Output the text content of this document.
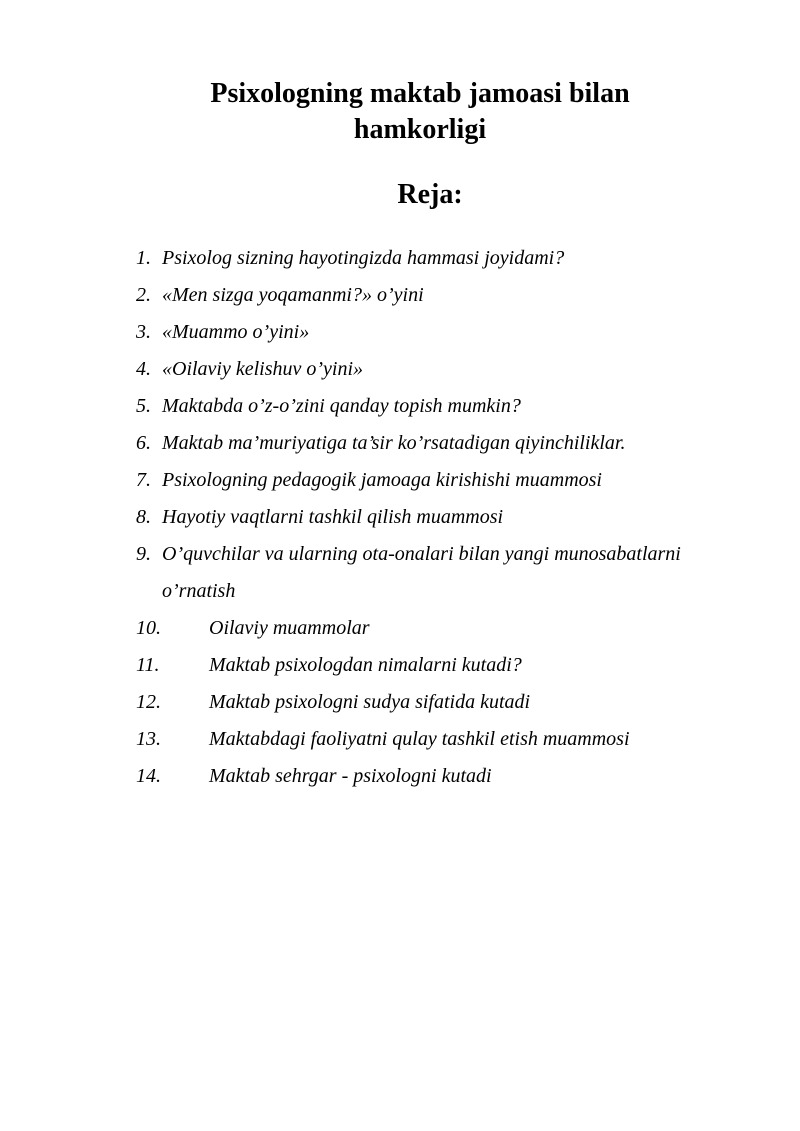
Psixologning maktab jamoasi bilan
hamkorligi
Reja:
1. Psixolog sizning hayotingizda hammasi joyidami?
2. «Men sizga yoqamanmi?» o’yini
3. «Muammo o’yini»
4. «Oilaviy kelishuv o’yini»
5. Maktabda o’z-o’zini qanday topish mumkin?
6. Maktab ma’muriyatiga ta’sir ko’rsatadigan qiyinchiliklar.
7. Psixologning pedagogik jamoaga kirishishi muammosi
8. Hayotiy vaqtlarni tashkil qilish muammosi
9. O’quvchilar va ularning ota-onalari bilan yangi munosabatlarni o’rnatish
10. Oilaviy muammolar
11. Maktab psixologdan nimalarni kutadi?
12. Maktab psixologni sudya sifatida kutadi
13. Maktabdagi faoliyatni qulay tashkil etish muammosi
14. Maktab sehrgar - psixologni kutadi
